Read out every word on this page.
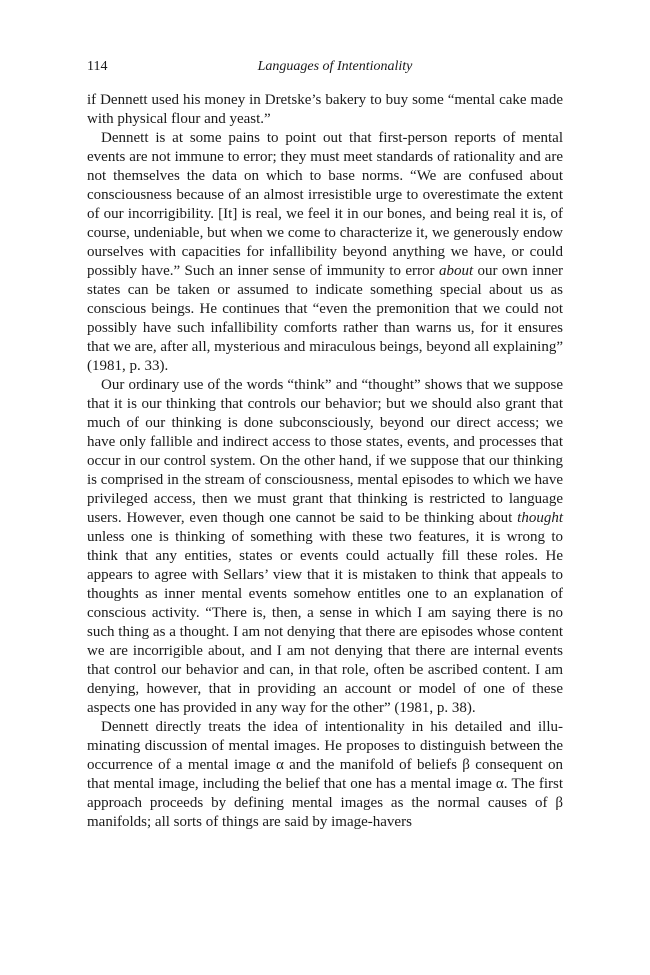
114	Languages of Intentionality

if Dennett used his money in Dretske’s bakery to buy some “mental cake made with physical flour and yeast.”

Dennett is at some pains to point out that first-person reports of mental events are not immune to error; they must meet standards of rationality and are not themselves the data on which to base norms. “We are confused about consciousness because of an almost irresistible urge to overestimate the extent of our incorrigibility. [It] is real, we feel it in our bones, and being real it is, of course, undeniable, but when we come to characterize it, we generously endow ourselves with capacities for infallibility beyond anything we have, or could possibly have.” Such an inner sense of immunity to error about our own inner states can be taken or assumed to indicate something special about us as conscious beings. He continues that “even the premonition that we could not possibly have such infallibility comforts rather than warns us, for it ensures that we are, after all, mysterious and miraculous beings, beyond all explaining” (1981, p. 33).

Our ordinary use of the words “think” and “thought” shows that we suppose that it is our thinking that controls our behavior; but we should also grant that much of our thinking is done subconsciously, beyond our direct access; we have only fallible and indirect access to those states, events, and processes that occur in our control system. On the other hand, if we suppose that our thinking is comprised in the stream of consciousness, mental episodes to which we have privileged access, then we must grant that thinking is restricted to language users. However, even though one cannot be said to be thinking about thought unless one is thinking of something with these two features, it is wrong to think that any entities, states or events could actually fill these roles. He appears to agree with Sellars’ view that it is mistaken to think that appeals to thoughts as inner mental events somehow entitles one to an explanation of conscious activity. “There is, then, a sense in which I am saying there is no such thing as a thought. I am not denying that there are episodes whose content we are incorrigible about, and I am not denying that there are internal events that control our behavior and can, in that role, often be ascribed content. I am denying, however, that in providing an account or model of one of these aspects one has provided in any way for the other” (1981, p. 38).

Dennett directly treats the idea of intentionality in his detailed and illuminating discussion of mental images. He proposes to distinguish between the occurrence of a mental image α and the manifold of beliefs β consequent on that mental image, including the belief that one has a mental image α. The first approach proceeds by defining mental images as the normal causes of β manifolds; all sorts of things are said by image-havers
